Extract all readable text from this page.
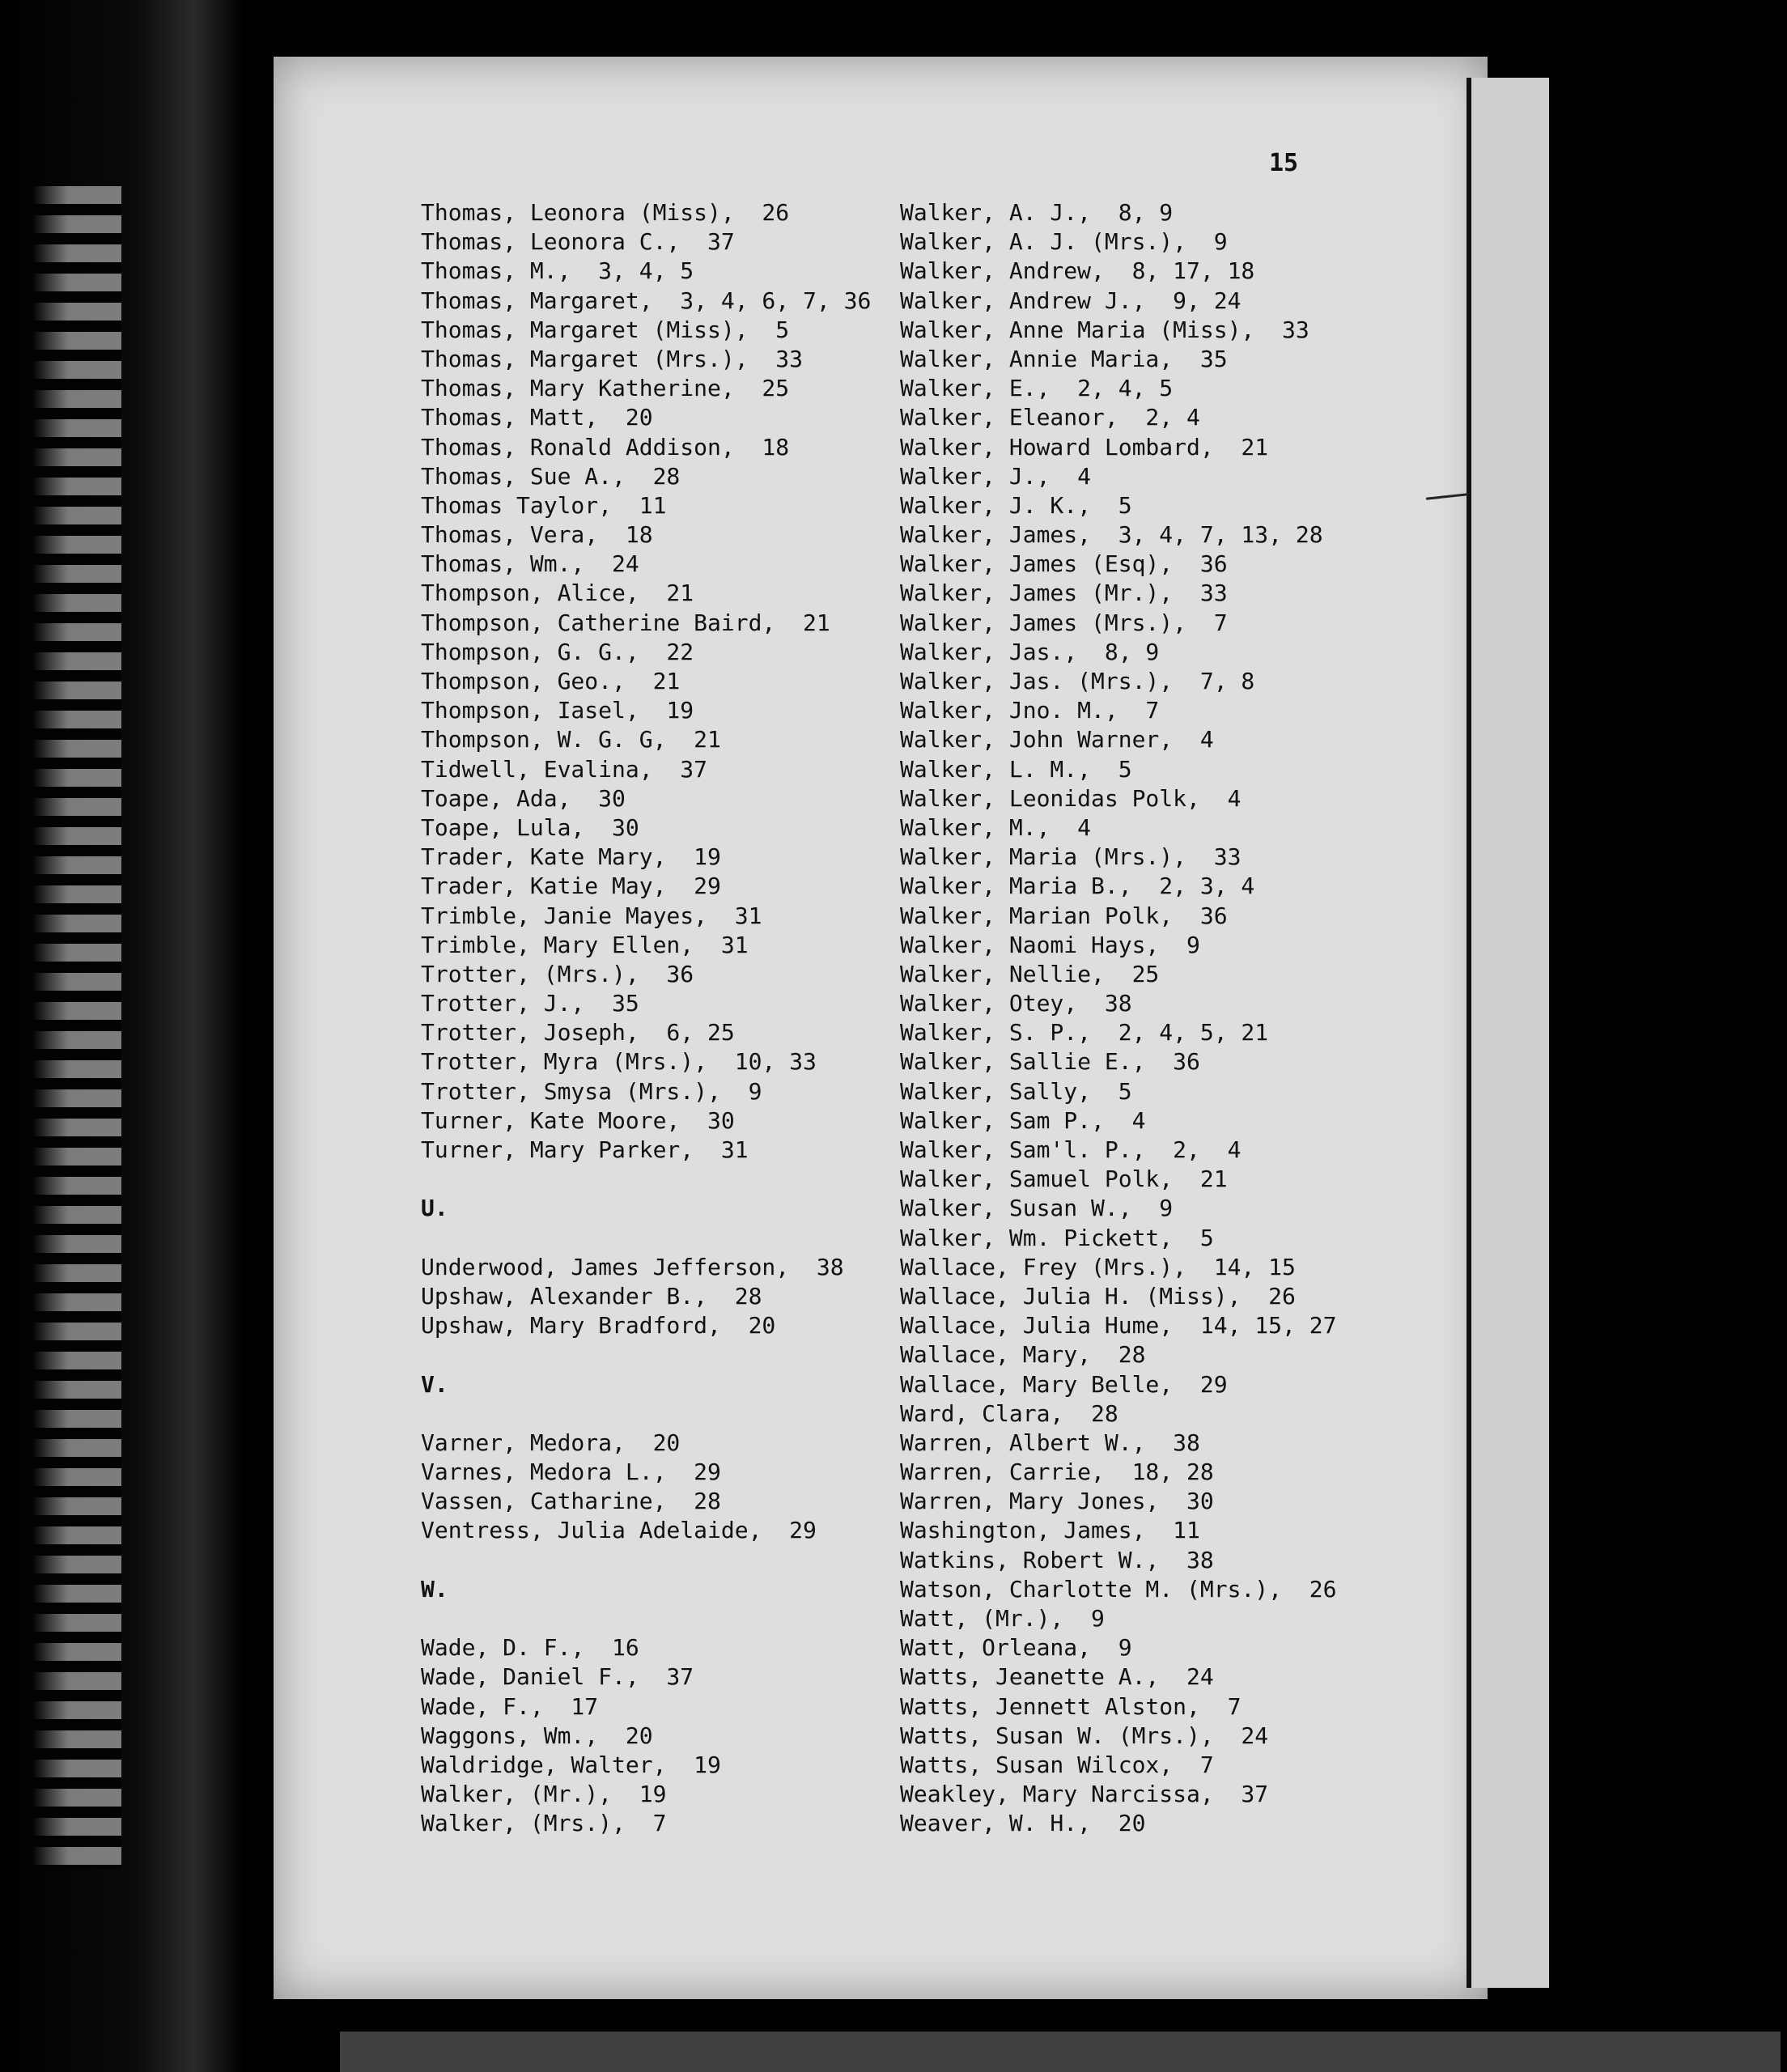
15
Thomas, Leonora (Miss),  26
Thomas, Leonora C.,  37
Thomas, M.,  3, 4, 5
Thomas, Margaret,  3, 4, 6, 7, 36
Thomas, Margaret (Miss),  5
Thomas, Margaret (Mrs.),  33
Thomas, Mary Katherine,  25
Thomas, Matt,  20
Thomas, Ronald Addison,  18
Thomas, Sue A.,  28
Thomas Taylor,  11
Thomas, Vera,  18
Thomas, Wm.,  24
Thompson, Alice,  21
Thompson, Catherine Baird,  21
Thompson, G. G.,  22
Thompson, Geo.,  21
Thompson, Iasel,  19
Thompson, W. G. G,  21
Tidwell, Evalina,  37
Toape, Ada,  30
Toape, Lula,  30
Trader, Kate Mary,  19
Trader, Katie May,  29
Trimble, Janie Mayes,  31
Trimble, Mary Ellen,  31
Trotter, (Mrs.),  36
Trotter, J.,  35
Trotter, Joseph,  6, 25
Trotter, Myra (Mrs.),  10, 33
Trotter, Smysa (Mrs.),  9
Turner, Kate Moore,  30
Turner, Mary Parker,  31
U.
Underwood, James Jefferson,  38
Upshaw, Alexander B.,  28
Upshaw, Mary Bradford,  20
V.
Varner, Medora,  20
Varnes, Medora L.,  29
Vassen, Catharine,  28
Ventress, Julia Adelaide,  29
W.
Wade, D. F.,  16
Wade, Daniel F.,  37
Wade, F.,  17
Waggons, Wm.,  20
Waldridge, Walter,  19
Walker, (Mr.),  19
Walker, (Mrs.),  7
Walker, A. J.,  8, 9
Walker, A. J. (Mrs.),  9
Walker, Andrew,  8, 17, 18
Walker, Andrew J.,  9, 24
Walker, Anne Maria (Miss),  33
Walker, Annie Maria,  35
Walker, E.,  2, 4, 5
Walker, Eleanor,  2, 4
Walker, Howard Lombard,  21
Walker, J.,  4
Walker, J. K.,  5
Walker, James,  3, 4, 7, 13, 28
Walker, James (Esq),  36
Walker, James (Mr.),  33
Walker, James (Mrs.),  7
Walker, Jas.,  8, 9
Walker, Jas. (Mrs.),  7, 8
Walker, Jno. M.,  7
Walker, John Warner,  4
Walker, L. M.,  5
Walker, Leonidas Polk,  4
Walker, M.,  4
Walker, Maria (Mrs.),  33
Walker, Maria B.,  2, 3, 4
Walker, Marian Polk,  36
Walker, Naomi Hays,  9
Walker, Nellie,  25
Walker, Otey,  38
Walker, S. P.,  2, 4, 5, 21
Walker, Sallie E.,  36
Walker, Sally,  5
Walker, Sam P.,  4
Walker, Sam'l. P.,  2,  4
Walker, Samuel Polk,  21
Walker, Susan W.,  9
Walker, Wm. Pickett,  5
Wallace, Frey (Mrs.),  14, 15
Wallace, Julia H. (Miss),  26
Wallace, Julia Hume,  14, 15, 27
Wallace, Mary,  28
Wallace, Mary Belle,  29
Ward, Clara,  28
Warren, Albert W.,  38
Warren, Carrie,  18, 28
Warren, Mary Jones,  30
Washington, James,  11
Watkins, Robert W.,  38
Watson, Charlotte M. (Mrs.),  26
Watt, (Mr.),  9
Watt, Orleana,  9
Watts, Jeanette A.,  24
Watts, Jennett Alston,  7
Watts, Susan W. (Mrs.),  24
Watts, Susan Wilcox,  7
Weakley, Mary Narcissa,  37
Weaver, W. H.,  20
